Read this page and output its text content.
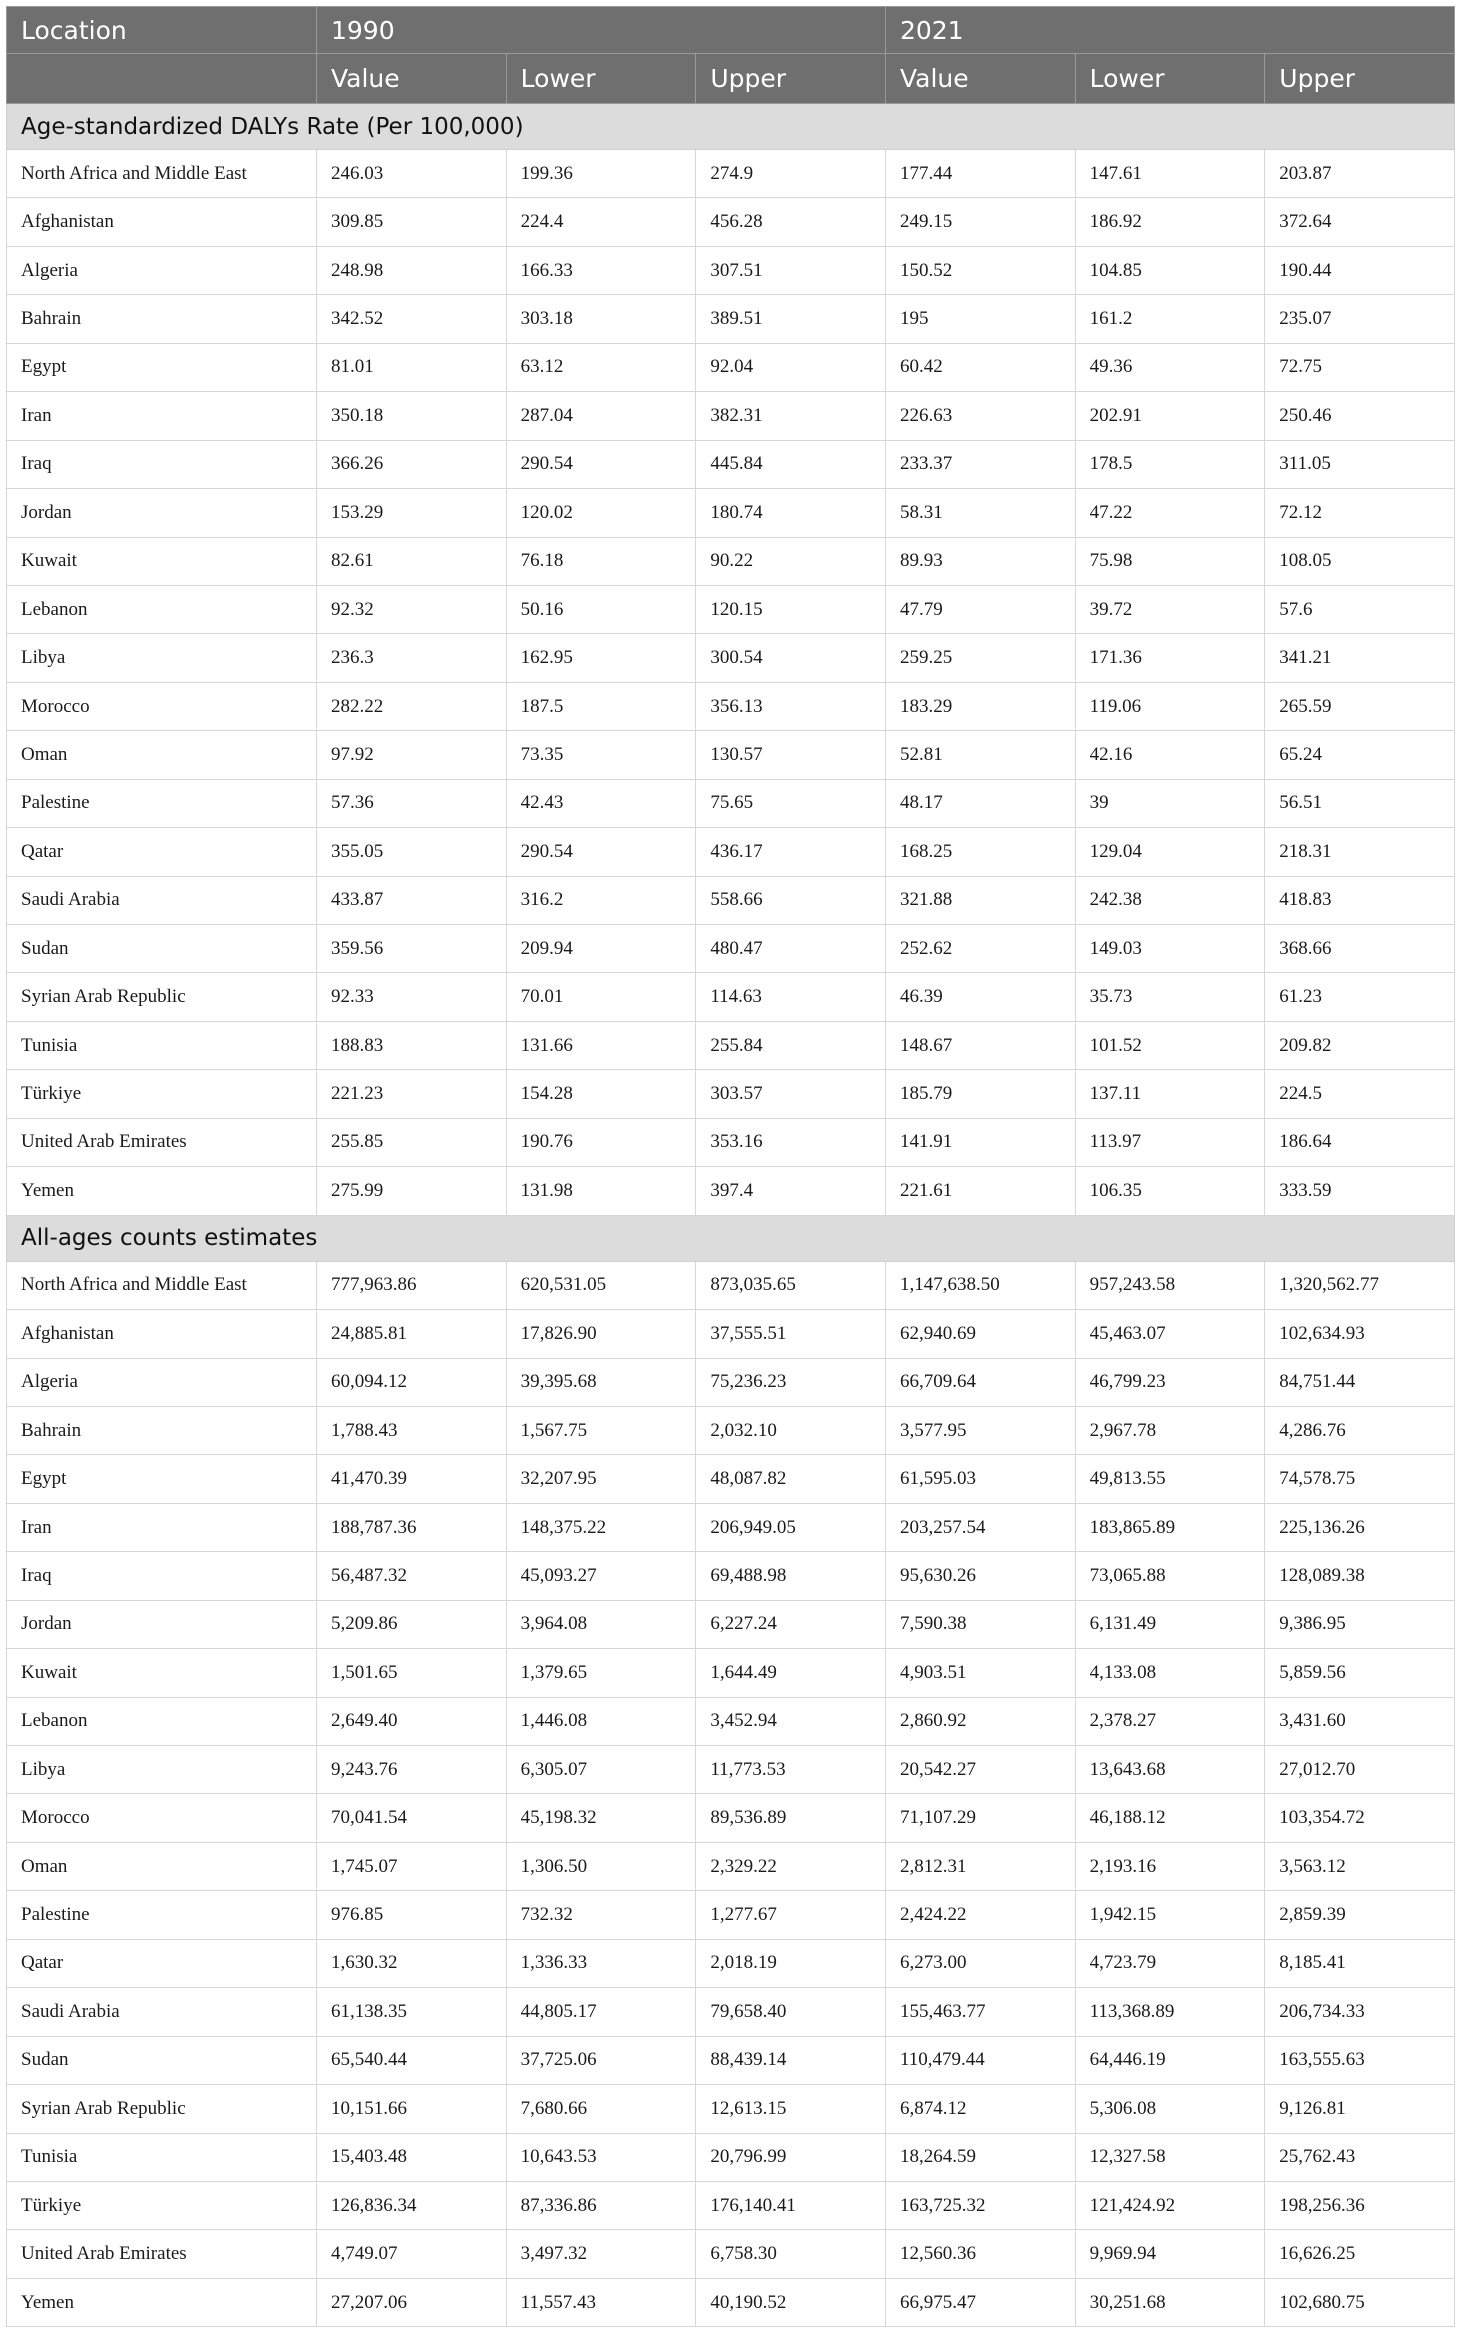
Location	1990			2021		
	Value	Lower	Upper	Value	Lower	Upper
Age-standardized DALYs Rate (Per 100,000)						
North Africa and Middle East	246.03	199.36	274.9	177.44	147.61	203.87
Afghanistan	309.85	224.4	456.28	249.15	186.92	372.64
Algeria	248.98	166.33	307.51	150.52	104.85	190.44
Bahrain	342.52	303.18	389.51	195	161.2	235.07
Egypt	81.01	63.12	92.04	60.42	49.36	72.75
Iran	350.18	287.04	382.31	226.63	202.91	250.46
Iraq	366.26	290.54	445.84	233.37	178.5	311.05
Jordan	153.29	120.02	180.74	58.31	47.22	72.12
Kuwait	82.61	76.18	90.22	89.93	75.98	108.05
Lebanon	92.32	50.16	120.15	47.79	39.72	57.6
Libya	236.3	162.95	300.54	259.25	171.36	341.21
Morocco	282.22	187.5	356.13	183.29	119.06	265.59
Oman	97.92	73.35	130.57	52.81	42.16	65.24
Palestine	57.36	42.43	75.65	48.17	39	56.51
Qatar	355.05	290.54	436.17	168.25	129.04	218.31
Saudi Arabia	433.87	316.2	558.66	321.88	242.38	418.83
Sudan	359.56	209.94	480.47	252.62	149.03	368.66
Syrian Arab Republic	92.33	70.01	114.63	46.39	35.73	61.23
Tunisia	188.83	131.66	255.84	148.67	101.52	209.82
Türkiye	221.23	154.28	303.57	185.79	137.11	224.5
United Arab Emirates	255.85	190.76	353.16	141.91	113.97	186.64
Yemen	275.99	131.98	397.4	221.61	106.35	333.59
All-ages counts estimates						
North Africa and Middle East	777,963.86	620,531.05	873,035.65	1,147,638.50	957,243.58	1,320,562.77
Afghanistan	24,885.81	17,826.90	37,555.51	62,940.69	45,463.07	102,634.93
Algeria	60,094.12	39,395.68	75,236.23	66,709.64	46,799.23	84,751.44
Bahrain	1,788.43	1,567.75	2,032.10	3,577.95	2,967.78	4,286.76
Egypt	41,470.39	32,207.95	48,087.82	61,595.03	49,813.55	74,578.75
Iran	188,787.36	148,375.22	206,949.05	203,257.54	183,865.89	225,136.26
Iraq	56,487.32	45,093.27	69,488.98	95,630.26	73,065.88	128,089.38
Jordan	5,209.86	3,964.08	6,227.24	7,590.38	6,131.49	9,386.95
Kuwait	1,501.65	1,379.65	1,644.49	4,903.51	4,133.08	5,859.56
Lebanon	2,649.40	1,446.08	3,452.94	2,860.92	2,378.27	3,431.60
Libya	9,243.76	6,305.07	11,773.53	20,542.27	13,643.68	27,012.70
Morocco	70,041.54	45,198.32	89,536.89	71,107.29	46,188.12	103,354.72
Oman	1,745.07	1,306.50	2,329.22	2,812.31	2,193.16	3,563.12
Palestine	976.85	732.32	1,277.67	2,424.22	1,942.15	2,859.39
Qatar	1,630.32	1,336.33	2,018.19	6,273.00	4,723.79	8,185.41
Saudi Arabia	61,138.35	44,805.17	79,658.40	155,463.77	113,368.89	206,734.33
Sudan	65,540.44	37,725.06	88,439.14	110,479.44	64,446.19	163,555.63
Syrian Arab Republic	10,151.66	7,680.66	12,613.15	6,874.12	5,306.08	9,126.81
Tunisia	15,403.48	10,643.53	20,796.99	18,264.59	12,327.58	25,762.43
Türkiye	126,836.34	87,336.86	176,140.41	163,725.32	121,424.92	198,256.36
United Arab Emirates	4,749.07	3,497.32	6,758.30	12,560.36	9,969.94	16,626.25
Yemen	27,207.06	11,557.43	40,190.52	66,975.47	30,251.68	102,680.75
